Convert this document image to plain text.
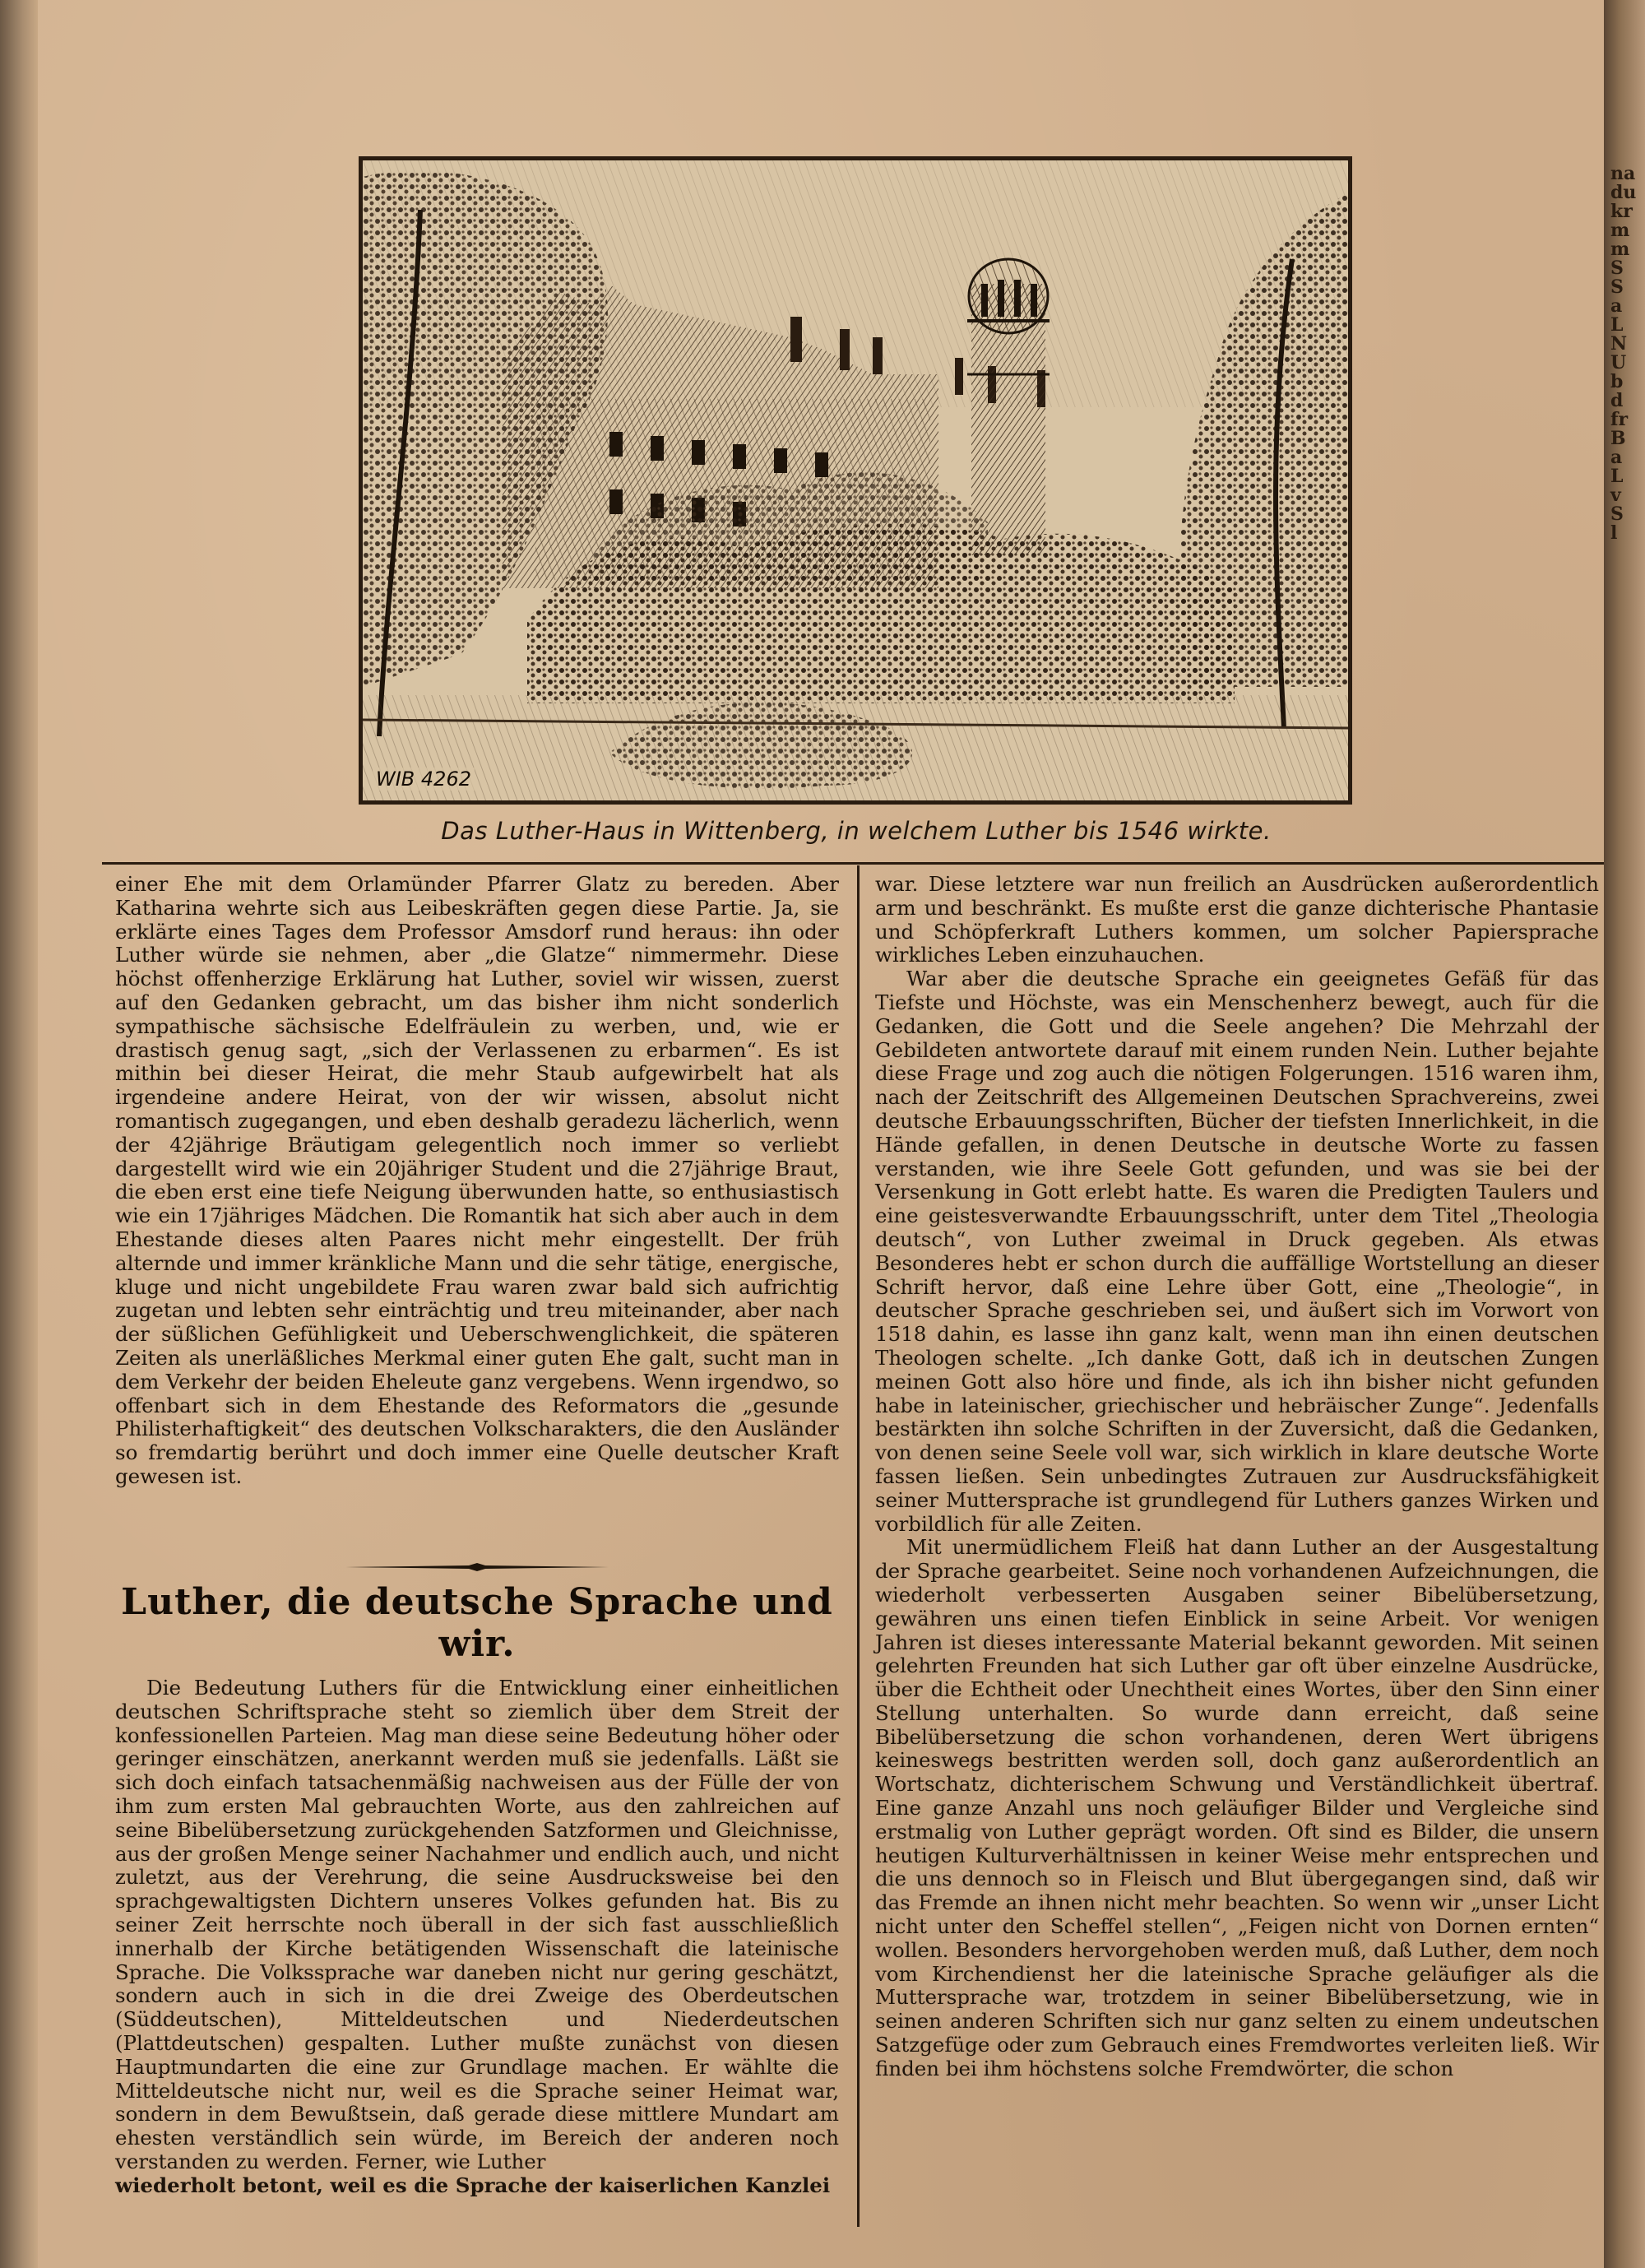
WIB 4262
Das Luther-Haus in Wittenberg, in welchem Luther bis 1546 wirkte.

einer Ehe mit dem Orlamünder Pfarrer Glatz zu bereden. Aber Katharina wehrte sich aus Leibeskräften gegen diese Partie. Ja, sie erklärte eines Tages dem Professor Amsdorf rund heraus: ihn oder Luther würde sie nehmen, aber „die Glatze“ nimmermehr. Diese höchst offenherzige Erklärung hat Luther, soviel wir wissen, zuerst auf den Gedanken gebracht, um das bisher ihm nicht sonderlich sympathische sächsische Edelfräulein zu werben, und, wie er drastisch genug sagt, „sich der Verlassenen zu erbarmen“. Es ist mithin bei dieser Heirat, die mehr Staub aufgewirbelt hat als irgendeine andere Heirat, von der wir wissen, absolut nicht romantisch zugegangen, und eben deshalb geradezu lächerlich, wenn der 42jährige Bräutigam gelegentlich noch immer so verliebt dargestellt wird wie ein 20jähriger Student und die 27jährige Braut, die eben erst eine tiefe Neigung überwunden hatte, so enthusiastisch wie ein 17jähriges Mädchen. Die Romantik hat sich aber auch in dem Ehestande dieses alten Paares nicht mehr eingestellt. Der früh alternde und immer kränkliche Mann und die sehr tätige, energische, kluge und nicht ungebildete Frau waren zwar bald sich aufrichtig zugetan und lebten sehr einträchtig und treu miteinander, aber nach der süßlichen Gefühligkeit und Ueberschwenglichkeit, die späteren Zeiten als unerläßliches Merkmal einer guten Ehe galt, sucht man in dem Verkehr der beiden Eheleute ganz vergebens. Wenn irgendwo, so offenbart sich in dem Ehestande des Reformators die „gesunde Philisterhaftigkeit“ des deutschen Volkscharakters, die den Ausländer so fremdartig berührt und doch immer eine Quelle deutscher Kraft gewesen ist.

Luther, die deutsche Sprache und wir.

Die Bedeutung Luthers für die Entwicklung einer einheitlichen deutschen Schriftsprache steht so ziemlich über dem Streit der konfessionellen Parteien. Mag man diese seine Bedeutung höher oder geringer einschätzen, anerkannt werden muß sie jedenfalls. Läßt sie sich doch einfach tatsachenmäßig nachweisen aus der Fülle der von ihm zum ersten Mal gebrauchten Worte, aus den zahlreichen auf seine Bibelübersetzung zurückgehenden Satzformen und Gleichnisse, aus der großen Menge seiner Nachahmer und endlich auch, und nicht zuletzt, aus der Verehrung, die seine Ausdrucksweise bei den sprachgewaltigsten Dichtern unseres Volkes gefunden hat. Bis zu seiner Zeit herrschte noch überall in der sich fast ausschließlich innerhalb der Kirche betätigenden Wissenschaft die lateinische Sprache. Die Volkssprache war daneben nicht nur gering geschätzt, sondern auch in sich in die drei Zweige des Oberdeutschen (Süddeutschen), Mitteldeutschen und Niederdeutschen (Plattdeutschen) gespalten. Luther mußte zunächst von diesen Hauptmundarten die eine zur Grundlage machen. Er wählte die Mitteldeutsche nicht nur, weil es die Sprache seiner Heimat war, sondern in dem Bewußtsein, daß gerade diese mittlere Mundart am ehesten verständlich sein würde, im Bereich der anderen noch verstanden zu werden. Ferner, wie Luther

wiederholt betont, weil es die Sprache der kaiserlichen Kanzlei

war. Diese letztere war nun freilich an Ausdrücken außerordentlich arm und beschränkt. Es mußte erst die ganze dichterische Phantasie und Schöpferkraft Luthers kommen, um solcher Papiersprache wirkliches Leben einzuhauchen.

War aber die deutsche Sprache ein geeignetes Gefäß für das Tiefste und Höchste, was ein Menschenherz bewegt, auch für die Gedanken, die Gott und die Seele angehen? Die Mehrzahl der Gebildeten antwortete darauf mit einem runden Nein. Luther bejahte diese Frage und zog auch die nötigen Folgerungen. 1516 waren ihm, nach der Zeitschrift des Allgemeinen Deutschen Sprachvereins, zwei deutsche Erbauungsschriften, Bücher der tiefsten Innerlichkeit, in die Hände gefallen, in denen Deutsche in deutsche Worte zu fassen verstanden, wie ihre Seele Gott gefunden, und was sie bei der Versenkung in Gott erlebt hatte. Es waren die Predigten Taulers und eine geistesverwandte Erbauungsschrift, unter dem Titel „Theologia deutsch“, von Luther zweimal in Druck gegeben. Als etwas Besonderes hebt er schon durch die auffällige Wortstellung an dieser Schrift hervor, daß eine Lehre über Gott, eine „Theologie“, in deutscher Sprache geschrieben sei, und äußert sich im Vorwort von 1518 dahin, es lasse ihn ganz kalt, wenn man ihn einen deutschen Theologen schelte. „Ich danke Gott, daß ich in deutschen Zungen meinen Gott also höre und finde, als ich ihn bisher nicht gefunden habe in lateinischer, griechischer und hebräischer Zunge“. Jedenfalls bestärkten ihn solche Schriften in der Zuversicht, daß die Gedanken, von denen seine Seele voll war, sich wirklich in klare deutsche Worte fassen ließen. Sein unbedingtes Zutrauen zur Ausdrucksfähigkeit seiner Muttersprache ist grundlegend für Luthers ganzes Wirken und vorbildlich für alle Zeiten.

Mit unermüdlichem Fleiß hat dann Luther an der Ausgestaltung der Sprache gearbeitet. Seine noch vorhandenen Aufzeichnungen, die wiederholt verbesserten Ausgaben seiner Bibelübersetzung, gewähren uns einen tiefen Einblick in seine Arbeit. Vor wenigen Jahren ist dieses interessante Material bekannt geworden. Mit seinen gelehrten Freunden hat sich Luther gar oft über einzelne Ausdrücke, über die Echtheit oder Unechtheit eines Wortes, über den Sinn einer Stellung unterhalten. So wurde dann erreicht, daß seine Bibelübersetzung die schon vorhandenen, deren Wert übrigens keineswegs bestritten werden soll, doch ganz außerordentlich an Wortschatz, dichterischem Schwung und Verständlichkeit übertraf. Eine ganze Anzahl uns noch geläufiger Bilder und Vergleiche sind erstmalig von Luther geprägt worden. Oft sind es Bilder, die unsern heutigen Kulturverhältnissen in keiner Weise mehr entsprechen und die uns dennoch so in Fleisch und Blut übergegangen sind, daß wir das Fremde an ihnen nicht mehr beachten. So wenn wir „unser Licht nicht unter den Scheffel stellen“, „Feigen nicht von Dornen ernten“ wollen. Besonders hervorgehoben werden muß, daß Luther, dem noch vom Kirchendienst her die lateinische Sprache geläufiger als die Muttersprache war, trotzdem in seiner Bibelübersetzung, wie in seinen anderen Schriften sich nur ganz selten zu einem undeutschen Satzgefüge oder zum Gebrauch eines Fremdwortes verleiten ließ. Wir finden bei ihm höchstens solche Fremdwörter, die schon

na
du
kr
m
m
S
S
a
L
N
U
b
d
fr
B
a
L
v
S
l
